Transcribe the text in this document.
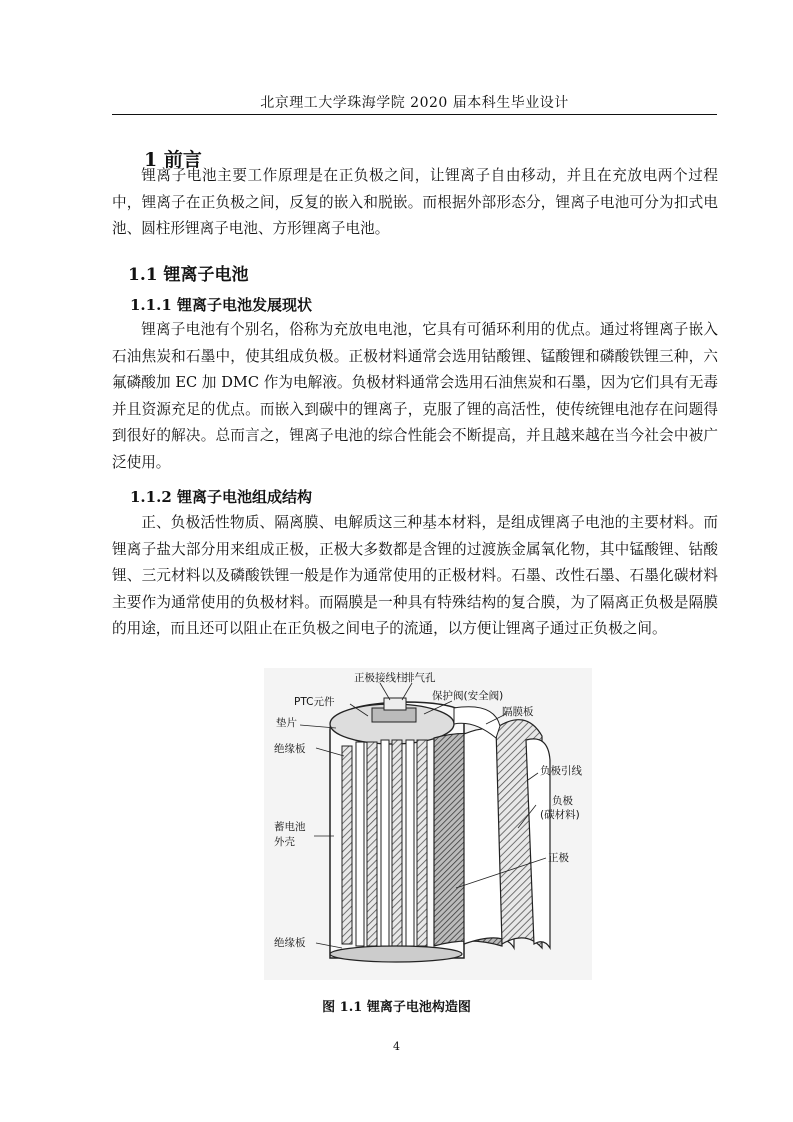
北京理工大学珠海学院 2020 届本科生毕业设计
1 前言
锂离子电池主要工作原理是在正负极之间，让锂离子自由移动，并且在充放电两个过程中，锂离子在正负极之间，反复的嵌入和脱嵌。而根据外部形态分，锂离子电池可分为扣式电池、圆柱形锂离子电池、方形锂离子电池。
1.1 锂离子电池
1.1.1 锂离子电池发展现状
锂离子电池有个别名，俗称为充放电电池，它具有可循环利用的优点。通过将锂离子嵌入石油焦炭和石墨中，使其组成负极。正极材料通常会选用钴酸锂、锰酸锂和磷酸铁锂三种，六氟磷酸加 EC 加 DMC 作为电解液。负极材料通常会选用石油焦炭和石墨，因为它们具有无毒并且资源充足的优点。而嵌入到碳中的锂离子，克服了锂的高活性，使传统锂电池存在问题得到很好的解决。总而言之，锂离子电池的综合性能会不断提高，并且越来越在当今社会中被广泛使用。
1.1.2 锂离子电池组成结构
正、负极活性物质、隔离膜、电解质这三种基本材料，是组成锂离子电池的主要材料。而锂离子盐大部分用来组成正极，正极大多数都是含锂的过渡族金属氧化物，其中锰酸锂、钴酸锂、三元材料以及磷酸铁锂一般是作为通常使用的正极材料。石墨、改性石墨、石墨化碳材料主要作为通常使用的负极材料。而隔膜是一种具有特殊结构的复合膜，为了隔离正负极是隔膜的用途，而且还可以阻止在正负极之间电子的流通，以方便让锂离子通过正负极之间。
正极接线柱
排气孔
PTC元件	保护阀(安全阀)
隔膜板
垫片
绝缘板
负极引线
负极
(碳材料)
蓄电池
外壳
正极
绝缘板
图 1.1 锂离子电池构造图
4
